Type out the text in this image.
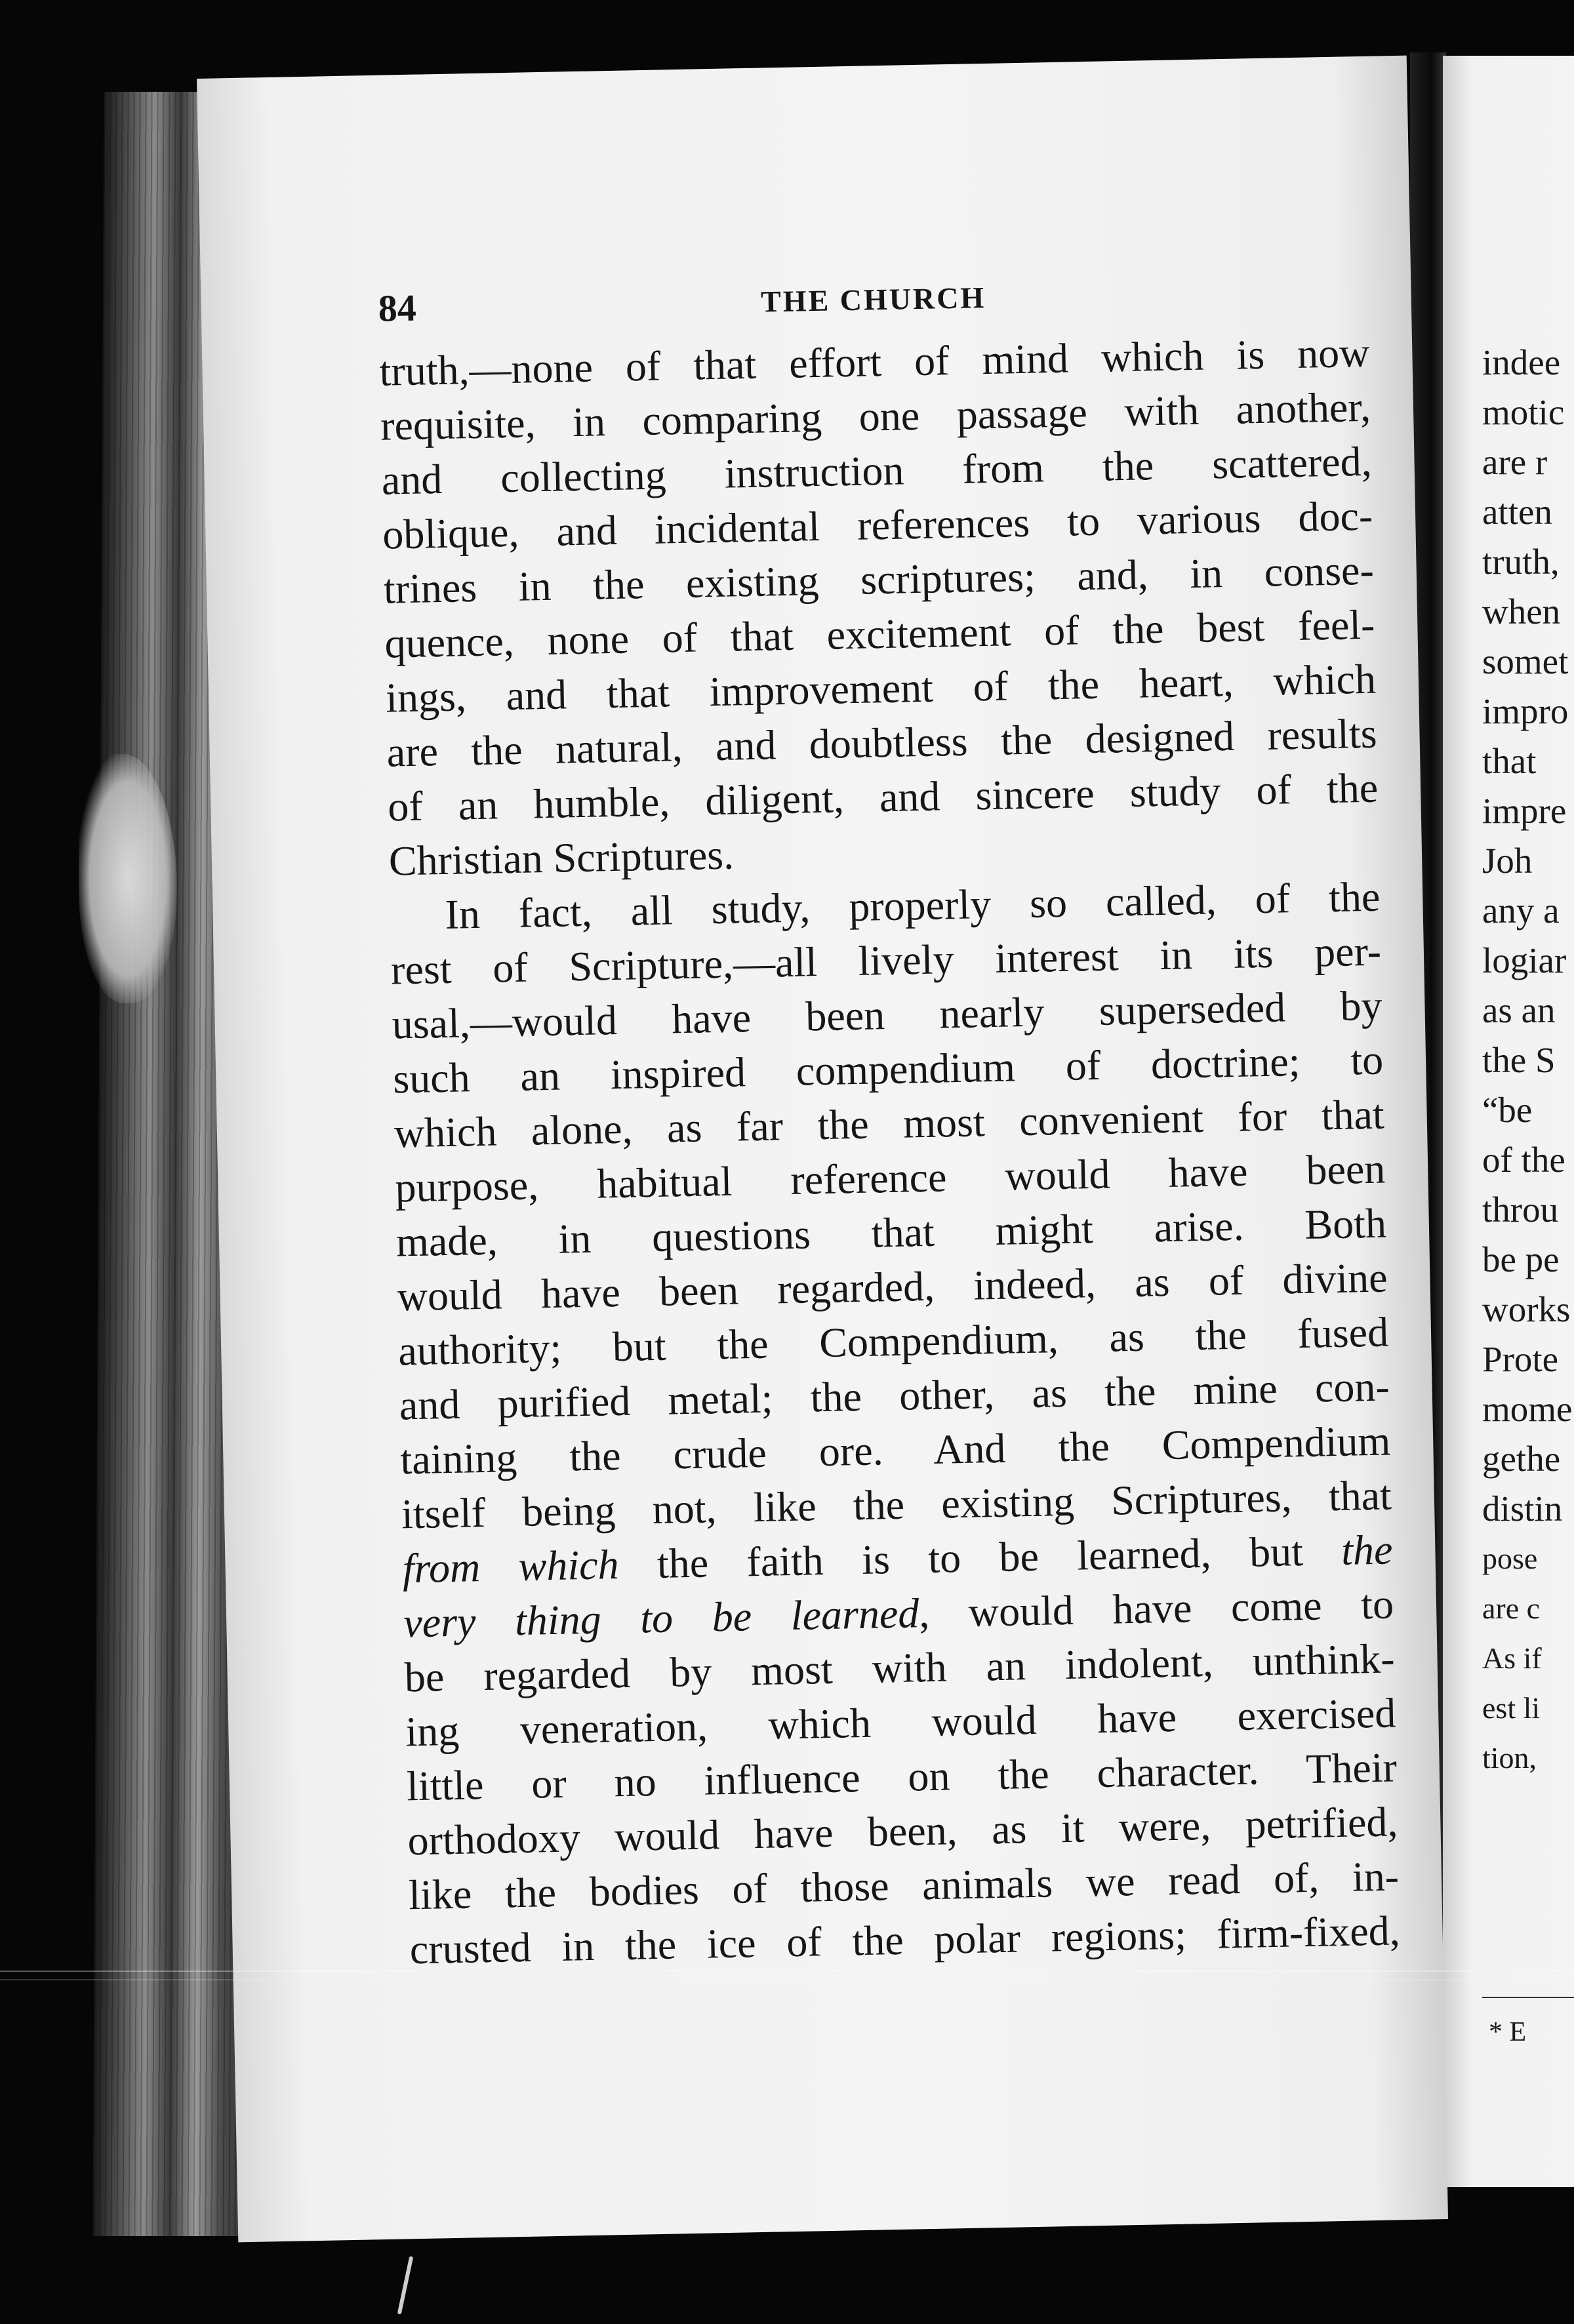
indee
motic
are r
atten
truth,
when
somet
impro
that
impre
Joh
any a
logiar
as an
the S
“be
of the
throu
be pe
works
Prote
mome
gethe
distin
pose
are c
As if
est li
tion,
* E
84	THE CHURCH
truth,—none of that effort of mind which is now
requisite, in comparing one passage with another,
and collecting instruction from the scattered,
oblique, and incidental references to various doc-
trines in the existing scriptures; and, in conse-
quence, none of that excitement of the best feel-
ings, and that improvement of the heart, which
are the natural, and doubtless the designed results
of an humble, diligent, and sincere study of the
Christian Scriptures.
In fact, all study, properly so called, of the
rest of Scripture,—all lively interest in its per-
usal,—would have been nearly superseded by
such an inspired compendium of doctrine; to
which alone, as far the most convenient for that
purpose, habitual reference would have been
made, in questions that might arise. Both
would have been regarded, indeed, as of divine
authority; but the Compendium, as the fused
and purified metal; the other, as the mine con-
taining the crude ore. And the Compendium
itself being not, like the existing Scriptures, that
from which the faith is to be learned, but the
very thing to be learned, would have come to
be regarded by most with an indolent, unthink-
ing veneration, which would have exercised
little or no influence on the character. Their
orthodoxy would have been, as it were, petrified,
like the bodies of those animals we read of, in-
crusted in the ice of the polar regions; firm-fixed,
